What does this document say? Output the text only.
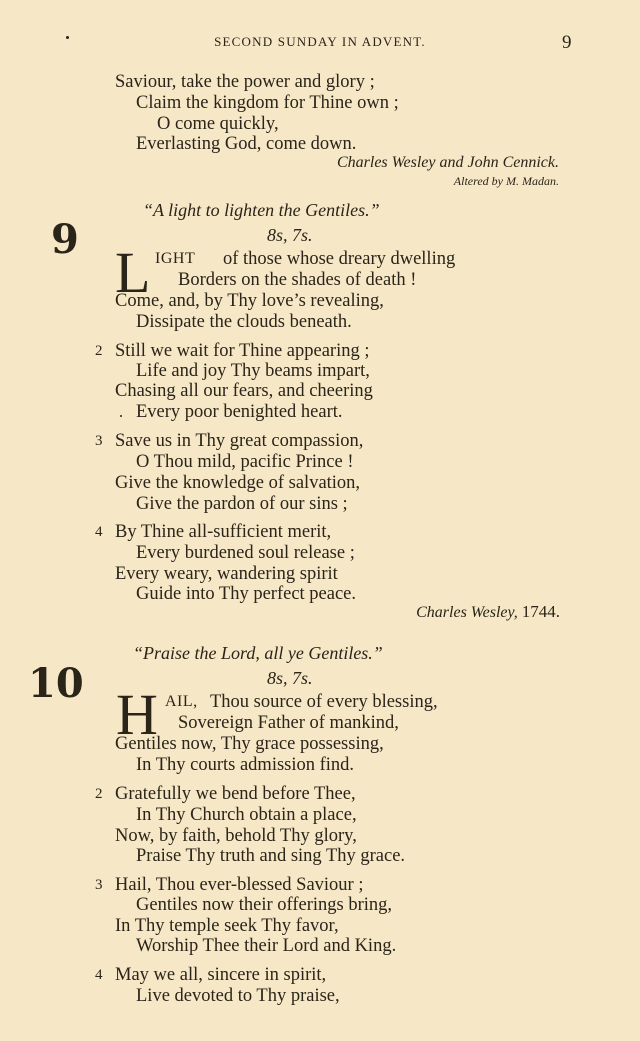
SECOND SUNDAY IN ADVENT.	9
Saviour, take the power and glory ;
Claim the kingdom for Thine own ;
O come quickly,
Everlasting God, come down.
Charles Wesley and John Cennick.
Altered by M. Madan.
“A light to lighten the Gentiles.”
9	8s, 7s.
L IGHT of those whose dreary dwelling
Borders on the shades of death !
Come, and, by Thy love’s revealing,
Dissipate the clouds beneath.
2 Still we wait for Thine appearing ;
Life and joy Thy beams impart,
Chasing all our fears, and cheering
Every poor benighted heart.
3 Save us in Thy great compassion,
O Thou mild, pacific Prince !
Give the knowledge of salvation,
Give the pardon of our sins ;
4 By Thine all-sufficient merit,
Every burdened soul release ;
Every weary, wandering spirit
Guide into Thy perfect peace.
Charles Wesley, 1744.
“Praise the Lord, all ye Gentiles.”
10	8s, 7s.
H AIL, Thou source of every blessing,
Sovereign Father of mankind,
Gentiles now, Thy grace possessing,
In Thy courts admission find.
2 Gratefully we bend before Thee,
In Thy Church obtain a place,
Now, by faith, behold Thy glory,
Praise Thy truth and sing Thy grace.
3 Hail, Thou ever-blessed Saviour ;
Gentiles now their offerings bring,
In Thy temple seek Thy favor,
Worship Thee their Lord and King.
4 May we all, sincere in spirit,
Live devoted to Thy praise,
